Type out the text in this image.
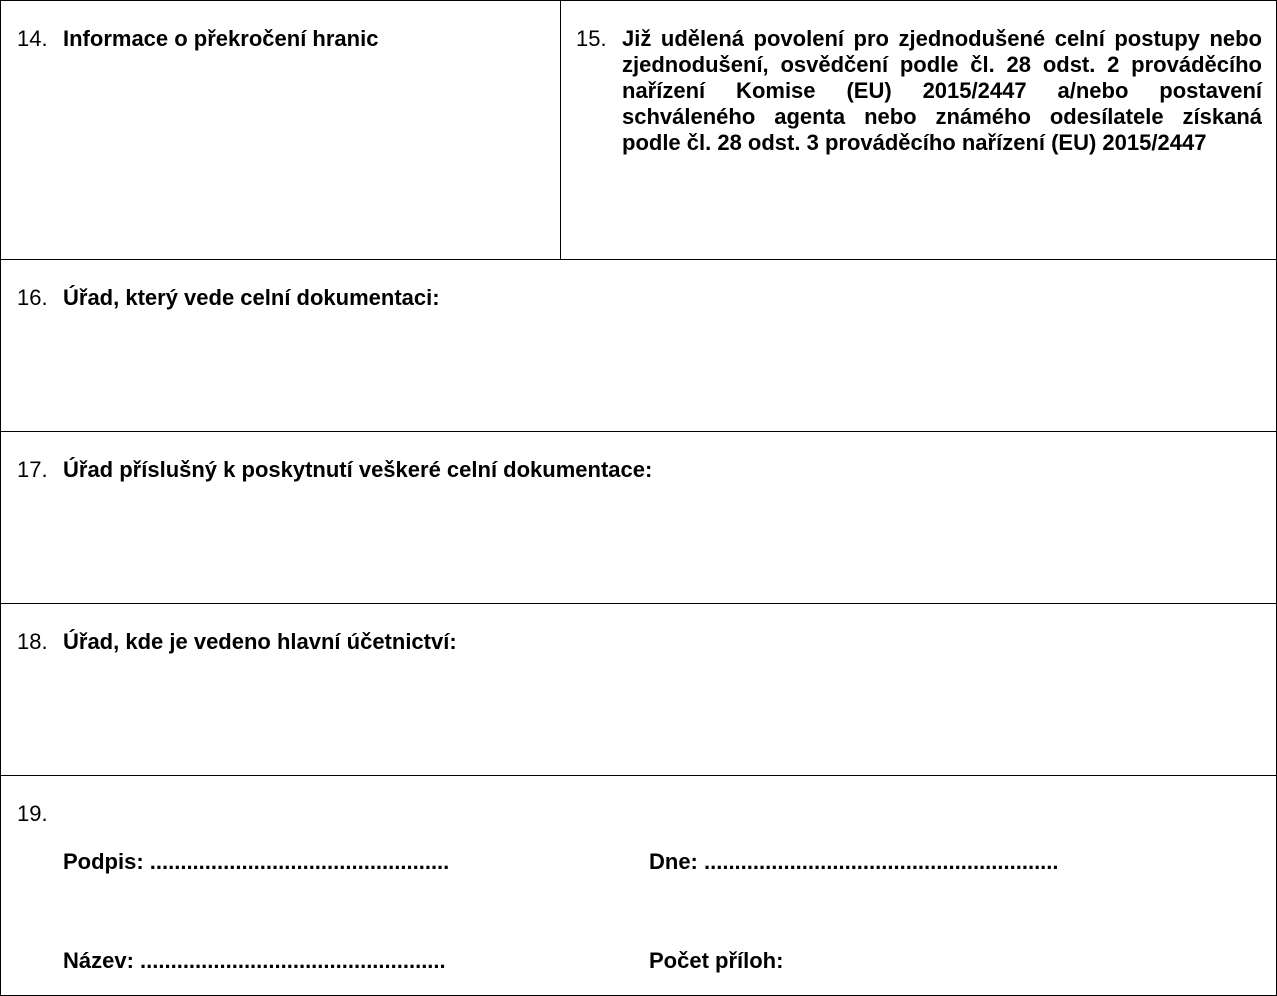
14. Informace o překročení hranic	15. Již udělená povolení pro zjednodušené celní postupy nebo zjednodušení, osvědčení podle čl. 28 odst. 2 prováděcího nařízení Komise (EU) 2015/2447 a/nebo postavení schváleného agenta nebo známého odesílatele získaná podle čl. 28 odst. 3 prováděcího nařízení (EU) 2015/2447
16. Úřad, který vede celní dokumentaci:
17. Úřad příslušný k poskytnutí veškeré celní dokumentace:
18. Úřad, kde je vedeno hlavní účetnictví:
19.
Podpis: .................................................	Dne: ..........................................................
Název: ..................................................	Počet příloh:
